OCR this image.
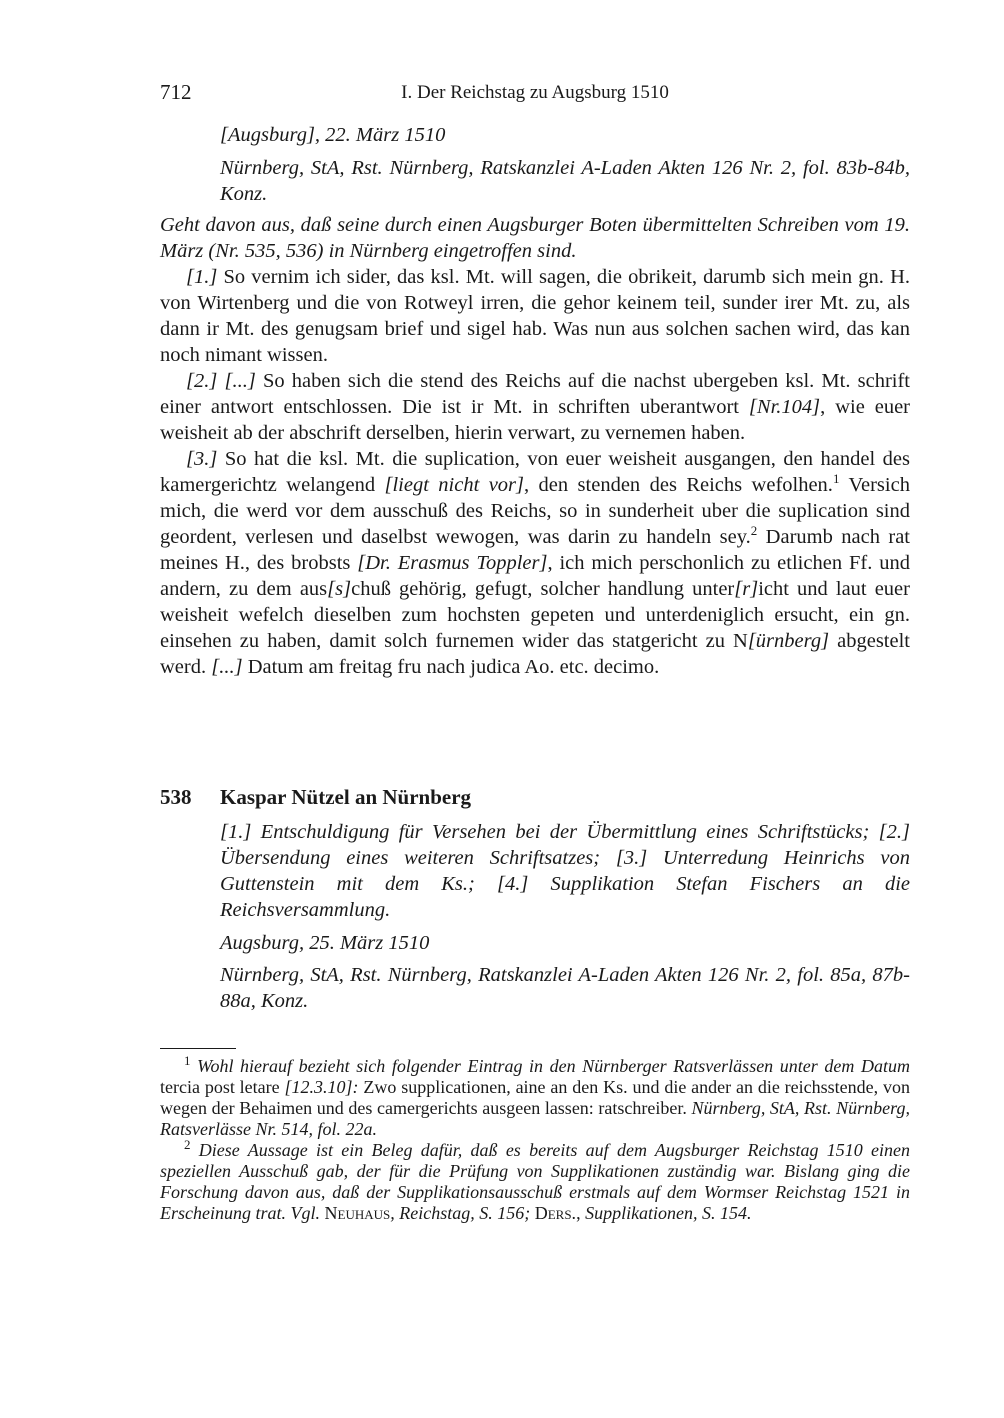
712	I. Der Reichstag zu Augsburg 1510
[Augsburg], 22. März 1510
Nürnberg, StA, Rst. Nürnberg, Ratskanzlei A-Laden Akten 126 Nr. 2, fol. 83b-84b, Konz.

Geht davon aus, daß seine durch einen Augsburger Boten übermittelten Schreiben vom 19. März (Nr. 535, 536) in Nürnberg eingetroffen sind.

[1.] So vernim ich sider, das ksl. Mt. will sagen, die obrikeit, darumb sich mein gn. H. von Wirtenberg und die von Rotweyl irren, die gehor keinem teil, sunder irer Mt. zu, als dann ir Mt. des genugsam brief und sigel hab. Was nun aus solchen sachen wird, das kan noch nimant wissen.

[2.] [...] So haben sich die stend des Reichs auf die nachst ubergeben ksl. Mt. schrift einer antwort entschlossen. Die ist ir Mt. in schriften uberantwort [Nr.104], wie euer weisheit ab der abschrift derselben, hierin verwart, zu vernemen haben.

[3.] So hat die ksl. Mt. die suplication, von euer weisheit ausgangen, den handel des kamergerichtz welangend [liegt nicht vor], den stenden des Reichs wefolhen.$^1$ Versich mich, die werd vor dem ausschuß des Reichs, so in sunderheit uber die suplication sind geordent, verlesen und daselbst wewogen, was darin zu handeln sey.$^2$ Darumb nach rat meines H., des brobsts [Dr. Erasmus Toppler], ich mich perschonlich zu etlichen Ff. und andern, zu dem aus[s]chuß gehörig, gefugt, solcher handlung unter[r]icht und laut euer weisheit wefelch dieselben zum hochsten gepeten und unterdeniglich ersucht, ein gn. einsehen zu haben, damit solch furnemen wider das statgericht zu N[ürnberg] abgestelt werd. [...] Datum am freitag fru nach judica Ao. etc. decimo.

538 Kaspar Nützel an Nürnberg
[1.] Entschuldigung für Versehen bei der Übermittlung eines Schriftstücks; [2.] Übersendung eines weiteren Schriftsatzes; [3.] Unterredung Heinrichs von Guttenstein mit dem Ks.; [4.] Supplikation Stefan Fischers an die Reichsversammlung.
Augsburg, 25. März 1510
Nürnberg, StA, Rst. Nürnberg, Ratskanzlei A-Laden Akten 126 Nr. 2, fol. 85a, 87b-88a, Konz.

$^1$ Wohl hierauf bezieht sich folgender Eintrag in den Nürnberger Ratsverlässen unter dem Datum tercia post letare [12.3.10]: Zwo supplicationen, aine an den Ks. und die ander an die reichsstende, von wegen der Behaimen und des camergerichts ausgeen lassen: ratschreiber. Nürnberg, StA, Rst. Nürnberg, Ratsverlässe Nr. 514, fol. 22a.

$^2$ Diese Aussage ist ein Beleg dafür, daß es bereits auf dem Augsburger Reichstag 1510 einen speziellen Ausschuß gab, der für die Prüfung von Supplikationen zuständig war. Bislang ging die Forschung davon aus, daß der Supplikationsausschuß erstmals auf dem Wormser Reichstag 1521 in Erscheinung trat. Vgl. Neuhaus, Reichstag, S. 156; Ders., Supplikationen, S. 154.
